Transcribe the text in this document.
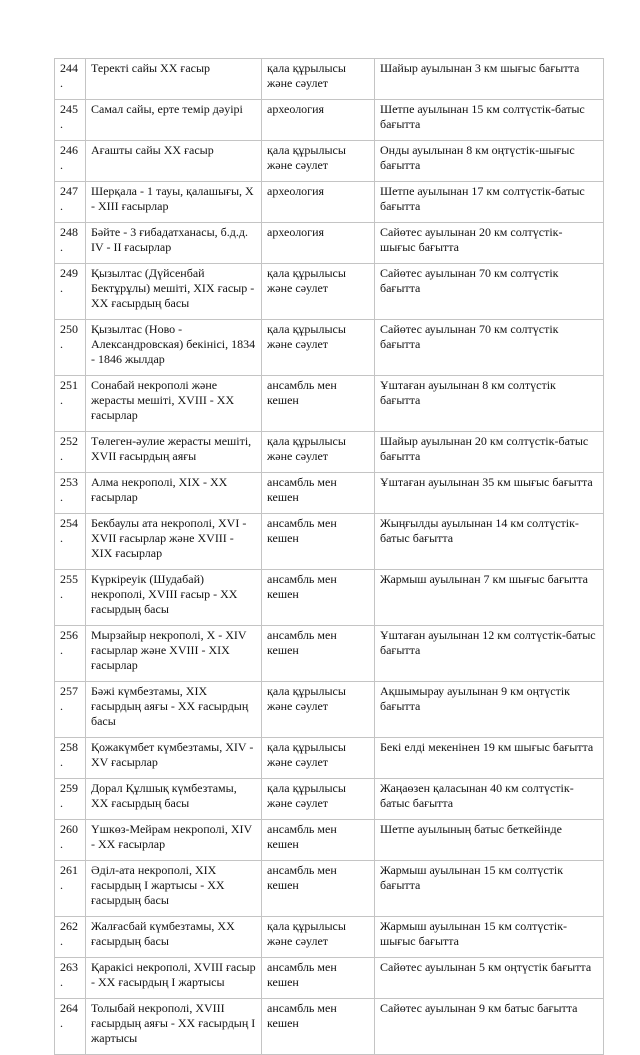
244.	Теректі сайы ХХ ғасыр	қала құрылысы және сәулет	Шайыр ауылынан 3 км шығыс бағытта
245.	Самал сайы, ерте темір дәуірі	археология	Шетпе ауылынан 15 км солтүстік-батыс бағытта
246.	Ағашты сайы ХХ ғасыр	қала құрылысы және сәулет	Онды ауылынан 8 км оңтүстік-шығыс бағытта
247.	Шерқала - 1 тауы, қалашығы, X - XIII ғасырлар	археология	Шетпе ауылынан 17 км солтүстік-батыс бағытта
248.	Бәйте - 3 ғибадатханасы, б.д.д. IV - II ғасырлар	археология	Сайөтес ауылынан 20 км солтүстік-шығыс бағытта
249.	Қызылтас (Дүйсенбай Бектұрұлы) мешіті, XIX ғасыр - XX ғасырдың басы	қала құрылысы және сәулет	Сайөтес ауылынан 70 км солтүстік бағытта
250.	Қызылтас (Ново - Александровская) бекінісі, 1834 - 1846 жылдар	қала құрылысы және сәулет	Сайөтес ауылынан 70 км солтүстік бағытта
251.	Сонабай некрополі және жерасты мешіті, XVIII - XX ғасырлар	ансамбль мен кешен	Ұштаған ауылынан 8 км солтүстік бағытта
252.	Төлеген-әулие жерасты мешіті, XVII ғасырдың аяғы	қала құрылысы және сәулет	Шайыр ауылынан 20 км солтүстік-батыс бағытта
253.	Алма некрополі, XIX - XX ғасырлар	ансамбль мен кешен	Ұштаған ауылынан 35 км шығыс бағытта
254.	Бекбаулы ата некрополі, XVI - XVII ғасырлар және XVIII - XIX ғасырлар	ансамбль мен кешен	Жыңғылды ауылынан 14 км солтүстік-батыс бағытта
255.	Күркіреуік (Шудабай) некрополі, XVIII ғасыр - XX ғасырдың басы	ансамбль мен кешен	Жармыш ауылынан 7 км шығыс бағытта
256.	Мырзайыр некрополі, X - XIV ғасырлар және XVIII - XIX ғасырлар	ансамбль мен кешен	Ұштаған ауылынан 12 км солтүстік-батыс бағытта
257.	Бәжі күмбезтамы, XIX ғасырдың аяғы - XX ғасырдың басы	қала құрылысы және сәулет	Ақшымырау ауылынан 9 км оңтүстік бағытта
258.	Қожакүмбет күмбезтамы, XIV - XV ғасырлар	қала құрылысы және сәулет	Бекі елді мекенінен 19 км шығыс бағытта
259.	Дорал Құлшық күмбезтамы, XX ғасырдың басы	қала құрылысы және сәулет	Жаңаөзен қаласынан 40 км солтүстік-батыс бағытта
260.	Үшкөз-Мейрам некрополі, XIV - XX ғасырлар	ансамбль мен кешен	Шетпе ауылының батыс беткейінде
261.	Әділ-ата некрополі, XIX ғасырдың I жартысы - XX ғасырдың басы	ансамбль мен кешен	Жармыш ауылынан 15 км солтүстік бағытта
262.	Жалғасбай күмбезтамы, XX ғасырдың басы	қала құрылысы және сәулет	Жармыш ауылынан 15 км солтүстік-шығыс бағытта
263.	Қаракісі некрополі, XVIII ғасыр - XX ғасырдың I жартысы	ансамбль мен кешен	Сайөтес ауылынан 5 км оңтүстік бағытта
264.	Толыбай некрополі, XVIII ғасырдың аяғы - XX ғасырдың I жартысы	ансамбль мен кешен	Сайөтес ауылынан 9 км батыс бағытта
